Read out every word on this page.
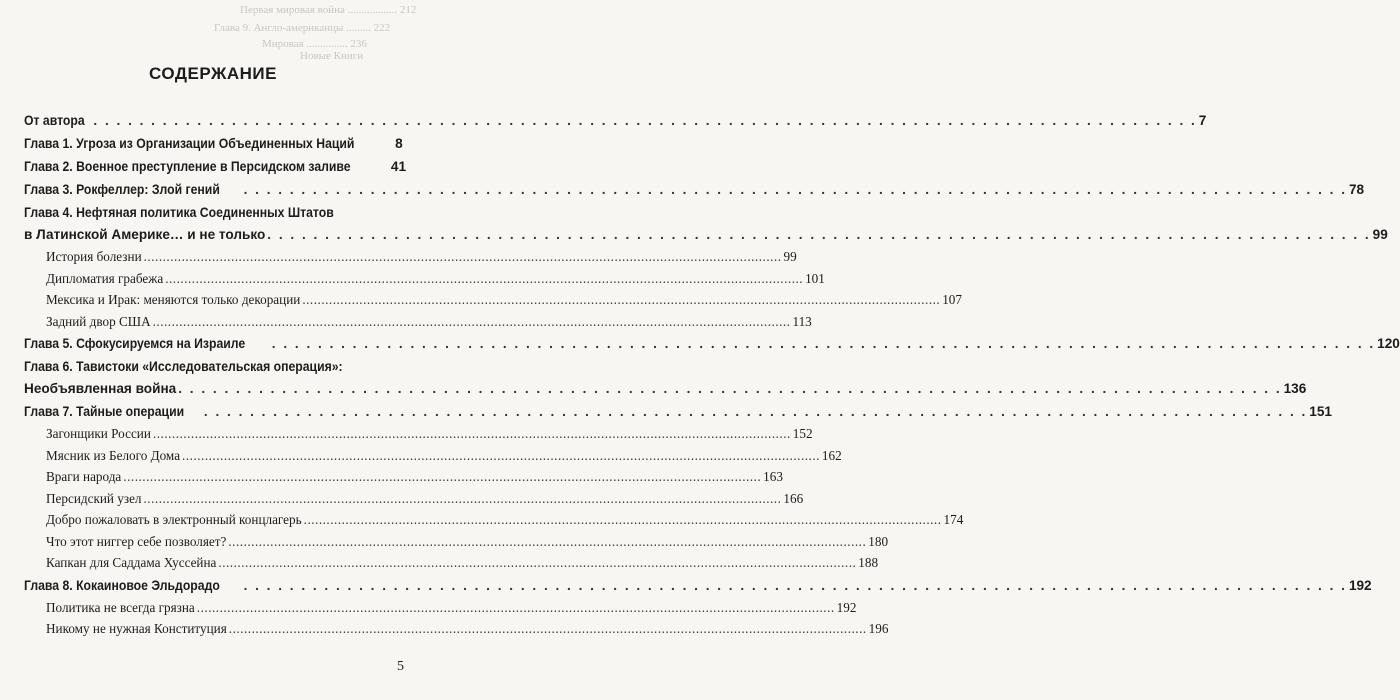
Первая мировая война .................. 212
Глава 9. Англо-американцы ......... 222
Мировая ............... 236
Новые Книги
СОДЕРЖАНИЕ
От автора . . .	7
Глава 1. Угроза из Организации Объединенных Наций	8
Глава 2. Военное преступление в Персидском заливе	41
Глава 3. Рокфеллер: Злой гений . . .	78
Глава 4. Нефтяная политика Соединенных Штатов
в Латинской Америке… и не только . . .	99
История болезни .....	99
Дипломатия грабежа .....	101
Мексика и Ирак: меняются только декорации .....	107
Задний двор США .....	113
Глава 5. Сфокусируемся на Израиле . . .	120
Глава 6. Тавистоки «Исследовательская операция»:
Необъявленная война . . .	136
Глава 7. Тайные операции . . .	151
Загонщики России .....	152
Мясник из Белого Дома .....	162
Враги народа .....	163
Персидский узел .....	166
Добро пожаловать в электронный концлагерь .....	174
Что этот ниггер себе позволяет? .....	180
Капкан для Саддама Хуссейна .....	188
Глава 8. Кокаиновое Эльдорадо . . .	192
Политика не всегда грязна .....	192
Никому не нужная Конституция .....	196
5
